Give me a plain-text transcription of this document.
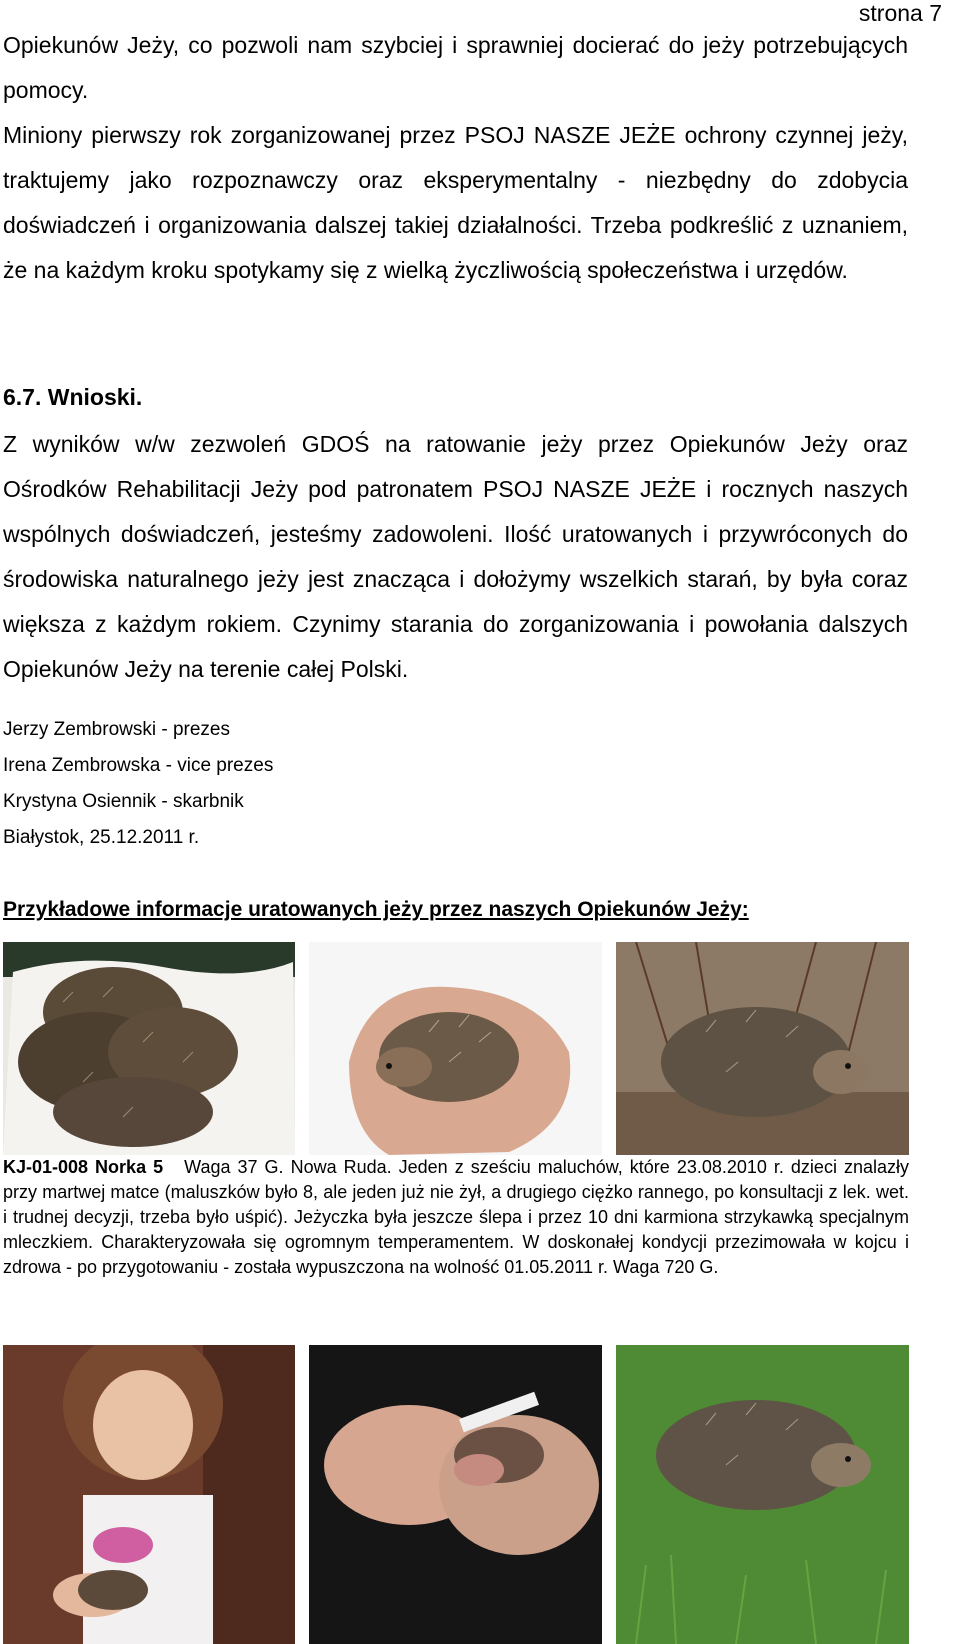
strona 7

Opiekunów Jeży, co pozwoli nam szybciej i sprawniej docierać do jeży potrzebujących pomocy.

Miniony pierwszy rok zorganizowanej przez PSOJ NASZE JEŻE ochrony czynnej jeży, traktujemy jako rozpoznawczy oraz eksperymentalny - niezbędny do zdobycia doświadczeń i organizowania dalszej takiej działalności. Trzeba podkreślić z uznaniem, że na każdym kroku spotykamy się z wielką życzliwością społeczeństwa i urzędów.

6.7. Wnioski.

Z wyników w/w zezwoleń GDOŚ na ratowanie jeży przez Opiekunów Jeży oraz Ośrodków Rehabilitacji Jeży pod patronatem PSOJ NASZE JEŻE i rocznych naszych wspólnych doświadczeń, jesteśmy zadowoleni. Ilość uratowanych i przywróconych do środowiska naturalnego jeży jest znacząca i dołożymy wszelkich starań, by była coraz większa z każdym rokiem. Czynimy starania do zorganizowania i powołania dalszych Opiekunów Jeży na terenie całej Polski.

Jerzy Zembrowski - prezes
Irena Zembrowska - vice prezes
Krystyna Osiennik - skarbnik
Białystok, 25.12.2011 r.
Przykładowe informacje uratowanych jeży przez naszych Opiekunów Jeży:

KJ-01-008 Norka 5 Waga 37 G. Nowa Ruda. Jeden z sześciu maluchów, które 23.08.2010 r. dzieci znalazły przy martwej matce (maluszków było 8, ale jeden już nie żył, a drugiego ciężko rannego, po konsultacji z lek. wet. i trudnej decyzji, trzeba było uśpić). Jeżyczka była jeszcze ślepa i przez 10 dni karmiona strzykawką specjalnym mleczkiem. Charakteryzowała się ogromnym temperamentem. W doskonałej kondycji przezimowała w kojcu i zdrowa - po przygotowaniu - została wypuszczona na wolność 01.05.2011 r. Waga 720 G.
